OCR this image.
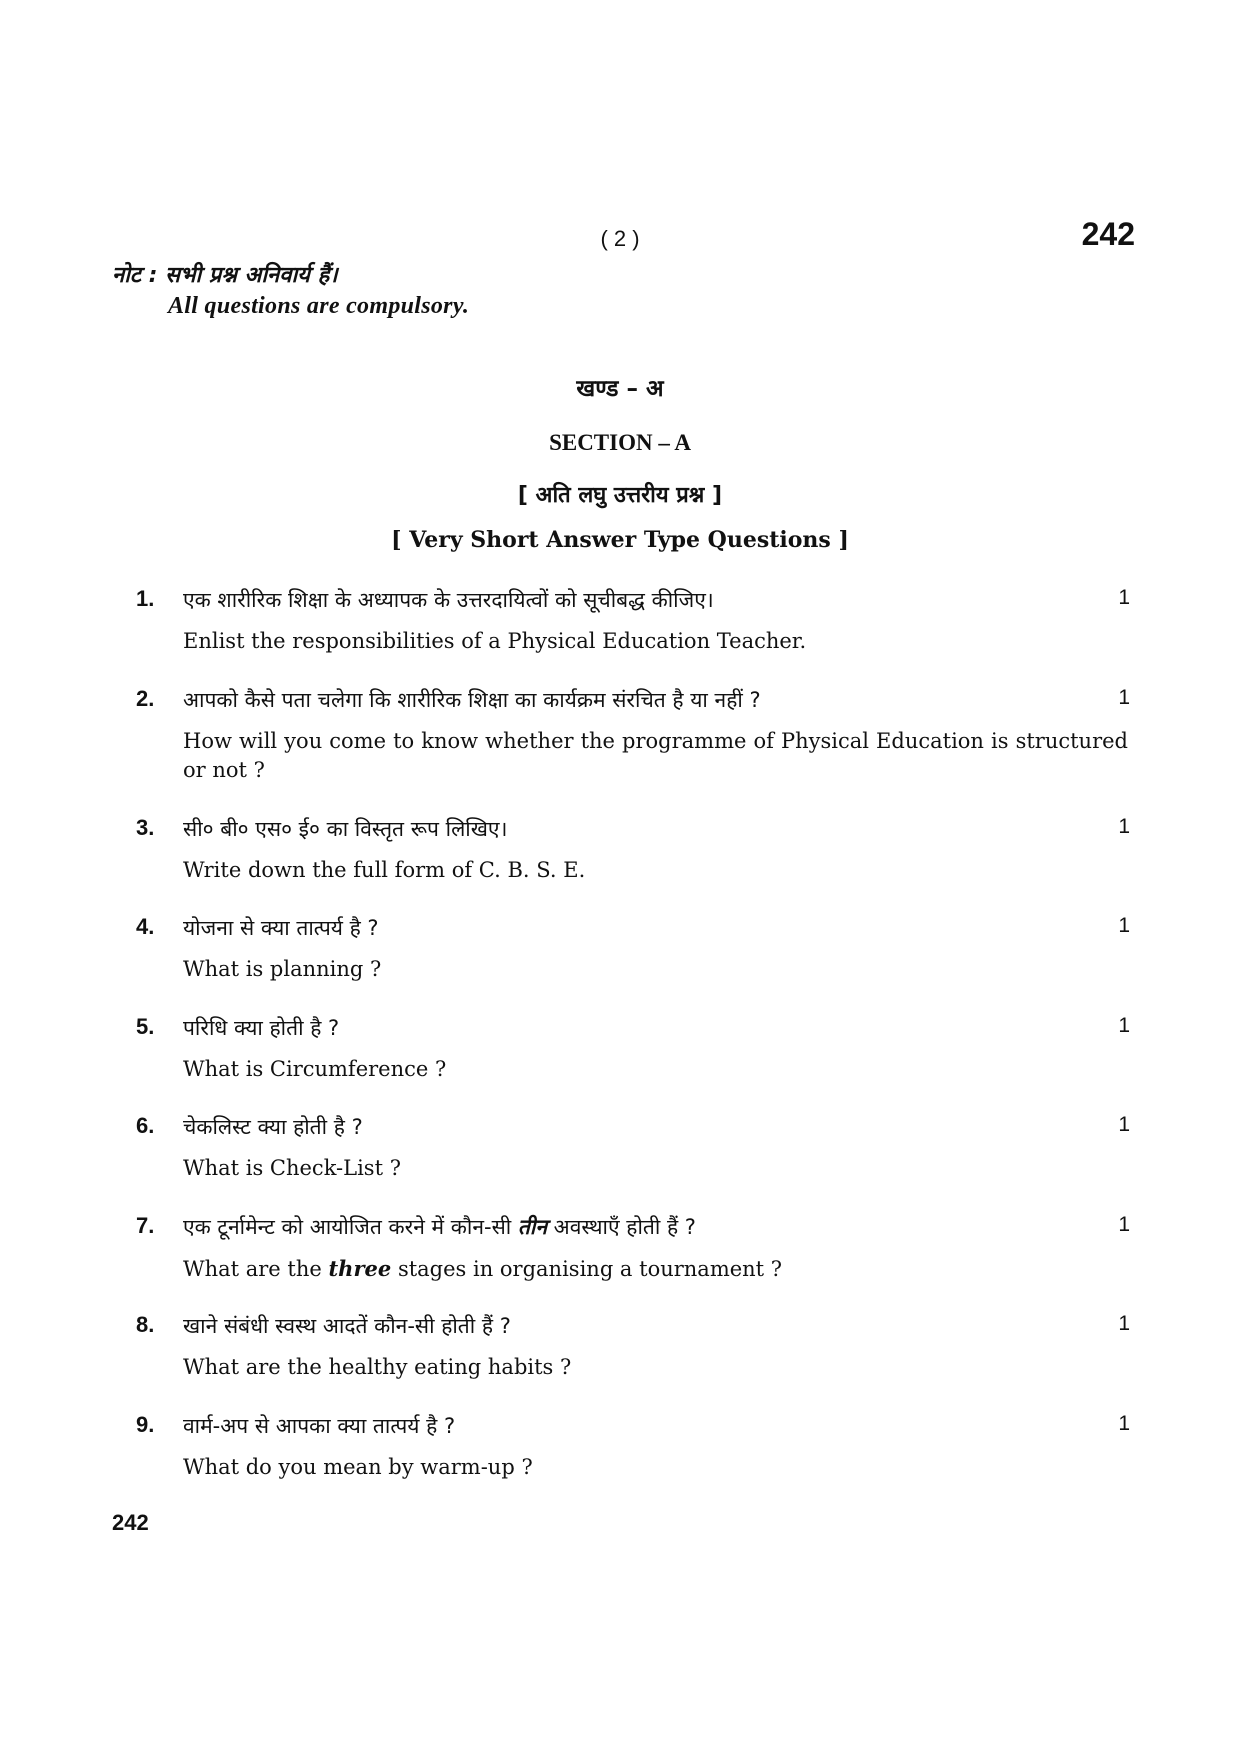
( 2 )	242
नोट : सभी प्रश्न अनिवार्य हैं।
All questions are compulsory.
खण्ड – अ
SECTION – A
[ अति लघु उत्तरीय प्रश्न ]
[ Very Short Answer Type Questions ]
1. एक शारीरिक शिक्षा के अध्यापक के उत्तरदायित्वों को सूचीबद्ध कीजिए।	1
Enlist the responsibilities of a Physical Education Teacher.
2. आपको कैसे पता चलेगा कि शारीरिक शिक्षा का कार्यक्रम संरचित है या नहीं ?	1
How will you come to know whether the programme of Physical Education is structured or not ?
3. सी० बी० एस० ई० का विस्तृत रूप लिखिए।	1
Write down the full form of C. B. S. E.
4. योजना से क्या तात्पर्य है ?	1
What is planning ?
5. परिधि क्या होती है ?	1
What is Circumference ?
6. चेकलिस्ट क्या होती है ?	1
What is Check-List ?
7. एक टूर्नामेन्ट को आयोजित करने में कौन-सी तीन अवस्थाएँ होती हैं ?	1
What are the three stages in organising a tournament ?
8. खाने संबंधी स्वस्थ आदतें कौन-सी होती हैं ?	1
What are the healthy eating habits ?
9. वार्म-अप से आपका क्या तात्पर्य है ?	1
What do you mean by warm-up ?
242
